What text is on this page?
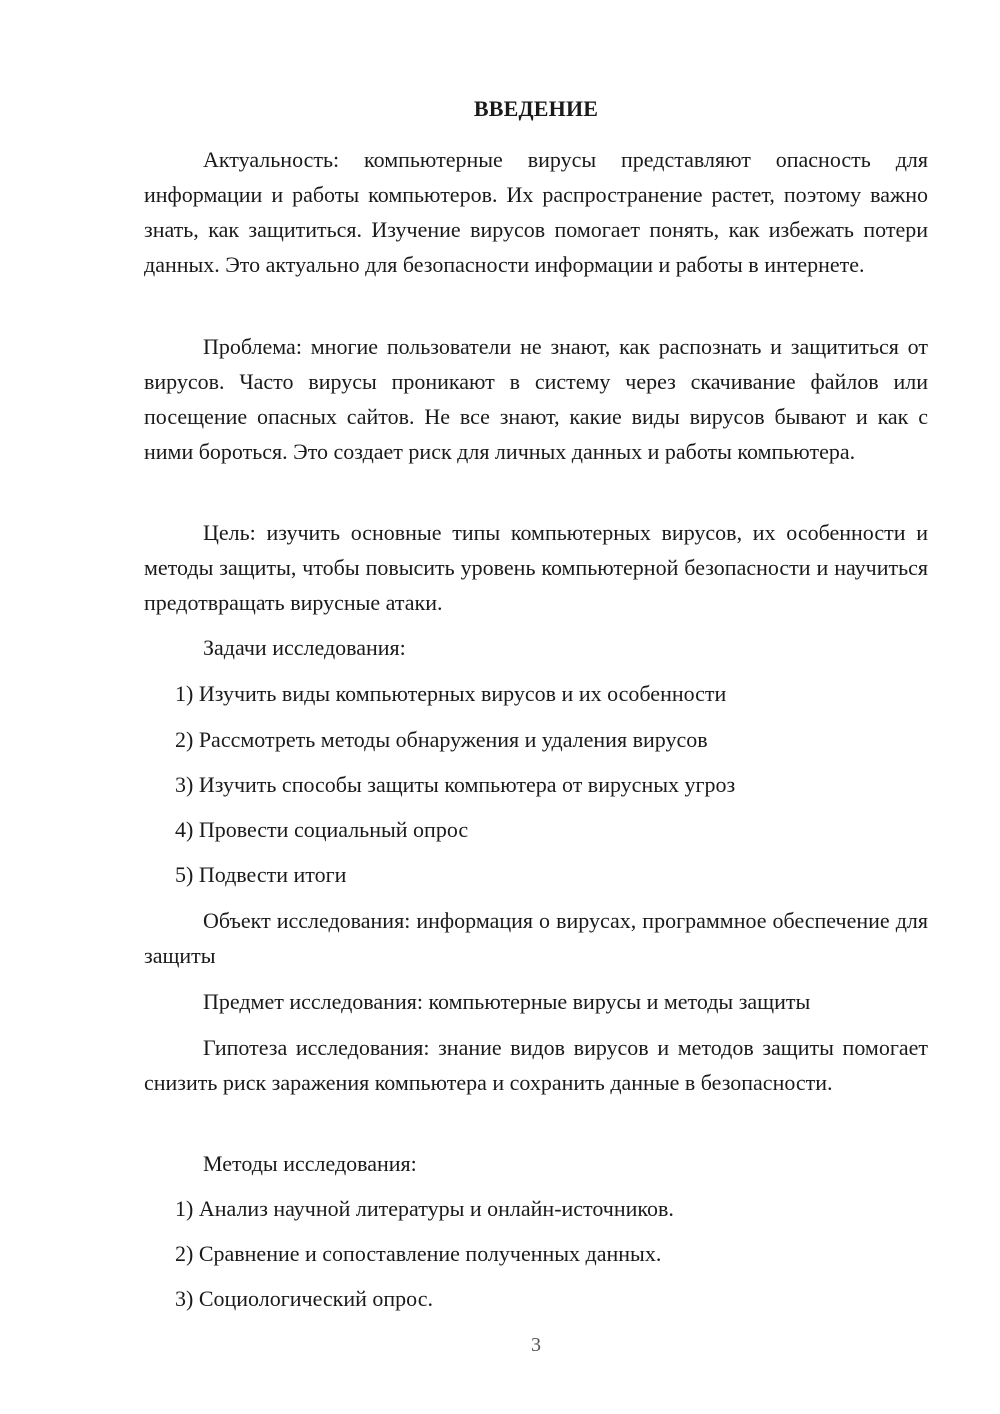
ВВЕДЕНИЕ
Актуальность: компьютерные вирусы представляют опасность для информации и работы компьютеров. Их распространение растет, поэтому важно знать, как защититься. Изучение вирусов помогает понять, как избежать потери данных. Это актуально для безопасности информации и работы в интернете.
Проблема: многие пользователи не знают, как распознать и защититься от вирусов. Часто вирусы проникают в систему через скачивание файлов или посещение опасных сайтов. Не все знают, какие виды вирусов бывают и как с ними бороться. Это создает риск для личных данных и работы компьютера.
Цель: изучить основные типы компьютерных вирусов, их особенности и методы защиты, чтобы повысить уровень компьютерной безопасности и научиться предотвращать вирусные атаки.
Задачи исследования:
1) Изучить виды компьютерных вирусов и их особенности
2) Рассмотреть методы обнаружения и удаления вирусов
3) Изучить способы защиты компьютера от вирусных угроз
4) Провести социальный опрос
5) Подвести итоги
Объект исследования: информация о вирусах, программное обеспечение для защиты
Предмет исследования: компьютерные вирусы и методы защиты
Гипотеза исследования: знание видов вирусов и методов защиты помогает снизить риск заражения компьютера и сохранить данные в безопасности.
Методы исследования:
1) Анализ научной литературы и онлайн-источников.
2) Сравнение и сопоставление полученных данных.
3) Социологический опрос.
3
